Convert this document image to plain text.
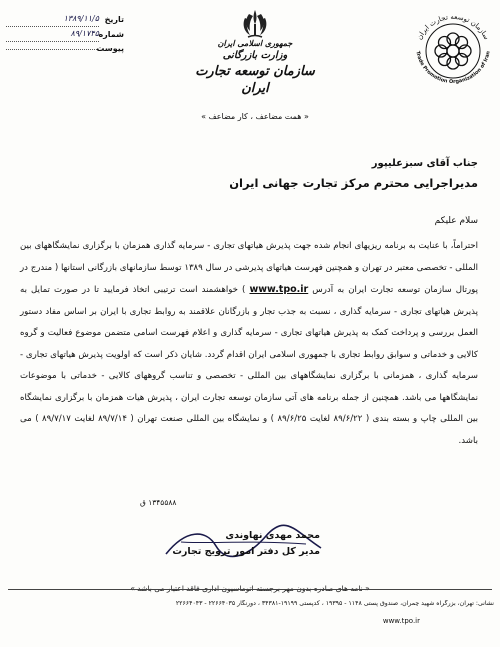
تاریخ
۱۳۸۹/۱۱/۵
شماره
۸۹/۱۷۴۵
پیوست
جمهوری اسلامی ایران
وزارت بازرگانی
سازمان توسعه تجارت ایران
سازمان توسعه تجارت ایران
Trade Promotion Organization of Iran
« همت مضاعف ، کار مضاعف »
جناب آقای سبزعلیپور
مدیراجرایی محترم مرکز تجارت جهانی ایران
سلام علیکم

احتراماً، با عنایت به برنامه ریزیهای انجام شده جهت پذیرش هیاتهای تجاری - سرمایه گذاری همزمان با برگزاری نمایشگاههای بین المللی - تخصصی معتبر در تهران و همچنین فهرست هیاتهای پذیرشی در سال ۱۳۸۹ توسط سازمانهای بازرگانی استانها ( مندرج در پورتال سازمان توسعه تجارت ایران به آدرس www.tpo.ir ) خواهشمند است ترتیبی اتخاذ فرمایید تا در صورت تمایل به پذیرش هیاتهای تجاری - سرمایه گذاری ، نسبت به جذب تجار و بازرگانان علاقمند به روابط تجاری با ایران بر اساس مفاد دستور العمل بررسی و پرداخت کمک به پذیرش هیاتهای تجاری - سرمایه گذاری و اعلام فهرست اسامی متضمن موضوع فعالیت و گروه کالایی و خدماتی و سوابق روابط تجاری با جمهوری اسلامی ایران اقدام گردد. شایان ذکر است که اولویت پذیرش هیاتهای تجاری - سرمایه گذاری ، همزمانی با برگزاری نمایشگاههای بین المللی - تخصصی و تناسب گروههای کالایی - خدماتی با موضوعات نمایشگاهها می باشد. همچنین از جمله برنامه های آتی سازمان توسعه تجارت ایران ، پذیرش هیات همزمان با برگزاری نمایشگاه بین المللی چاپ و بسته بندی ( ۸۹/۶/۲۲ لغایت ۸۹/۶/۲۵ ) و نمایشگاه بین المللی صنعت تهران ( ۸۹/۷/۱۴ لغایت ۸۹/۷/۱۷ ) می باشد.

۱۳۴۵۵۸۸ ق
محمد مهدی نهاوندی
مدیر کل دفتر امور ترویج تجارت
« نامه های صادره بدون مهر برجسته اتوماسیون اداری فاقد اعتبار می باشد »
نشانی: تهران، بزرگراه شهید چمران، صندوق پستی ۱۱۴۸ - ۱۹۳۹۵ ، کدپستی ۱۹۱۹۹-۳۴۳۸۱ ، دورنگار ۲۲۶۶۴۰۳۵ - ۲۲۶۶۴۰۴۳
www.tpo.ir
